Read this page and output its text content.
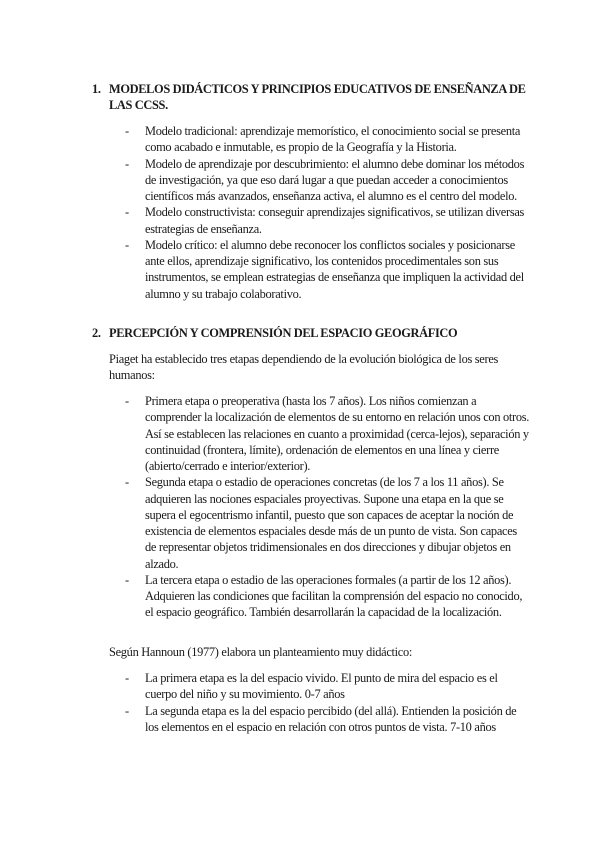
1. MODELOS DIDÁCTICOS Y PRINCIPIOS EDUCATIVOS DE ENSEÑANZA DE LAS CCSS.
- Modelo tradicional: aprendizaje memorístico, el conocimiento social se presenta como acabado e inmutable, es propio de la Geografía y la Historia.
- Modelo de aprendizaje por descubrimiento: el alumno debe dominar los métodos de investigación, ya que eso dará lugar a que puedan acceder a conocimientos científicos más avanzados, enseñanza activa, el alumno es el centro del modelo.
- Modelo constructivista: conseguir aprendizajes significativos, se utilizan diversas estrategias de enseñanza.
- Modelo crítico: el alumno debe reconocer los conflictos sociales y posicionarse ante ellos, aprendizaje significativo, los contenidos procedimentales son sus instrumentos, se emplean estrategias de enseñanza que impliquen la actividad del alumno y su trabajo colaborativo.
2. PERCEPCIÓN Y COMPRENSIÓN DEL ESPACIO GEOGRÁFICO

Piaget ha establecido tres etapas dependiendo de la evolución biológica de los seres humanos:

- Primera etapa o preoperativa (hasta los 7 años). Los niños comienzan a comprender la localización de elementos de su entorno en relación unos con otros. Así se establecen las relaciones en cuanto a proximidad (cerca-lejos), separación y continuidad (frontera, límite), ordenación de elementos en una línea y cierre (abierto/cerrado e interior/exterior).
- Segunda etapa o estadio de operaciones concretas (de los 7 a los 11 años). Se adquieren las nociones espaciales proyectivas. Supone una etapa en la que se supera el egocentrismo infantil, puesto que son capaces de aceptar la noción de existencia de elementos espaciales desde más de un punto de vista. Son capaces de representar objetos tridimensionales en dos direcciones y dibujar objetos en alzado.
- La tercera etapa o estadio de las operaciones formales (a partir de los 12 años). Adquieren las condiciones que facilitan la comprensión del espacio no conocido, el espacio geográfico. También desarrollarán la capacidad de la localización.

Según Hannoun (1977) elabora un planteamiento muy didáctico:

- La primera etapa es la del espacio vivido. El punto de mira del espacio es el cuerpo del niño y su movimiento. 0-7 años
- La segunda etapa es la del espacio percibido (del allá). Entienden la posición de los elementos en el espacio en relación con otros puntos de vista. 7-10 años
